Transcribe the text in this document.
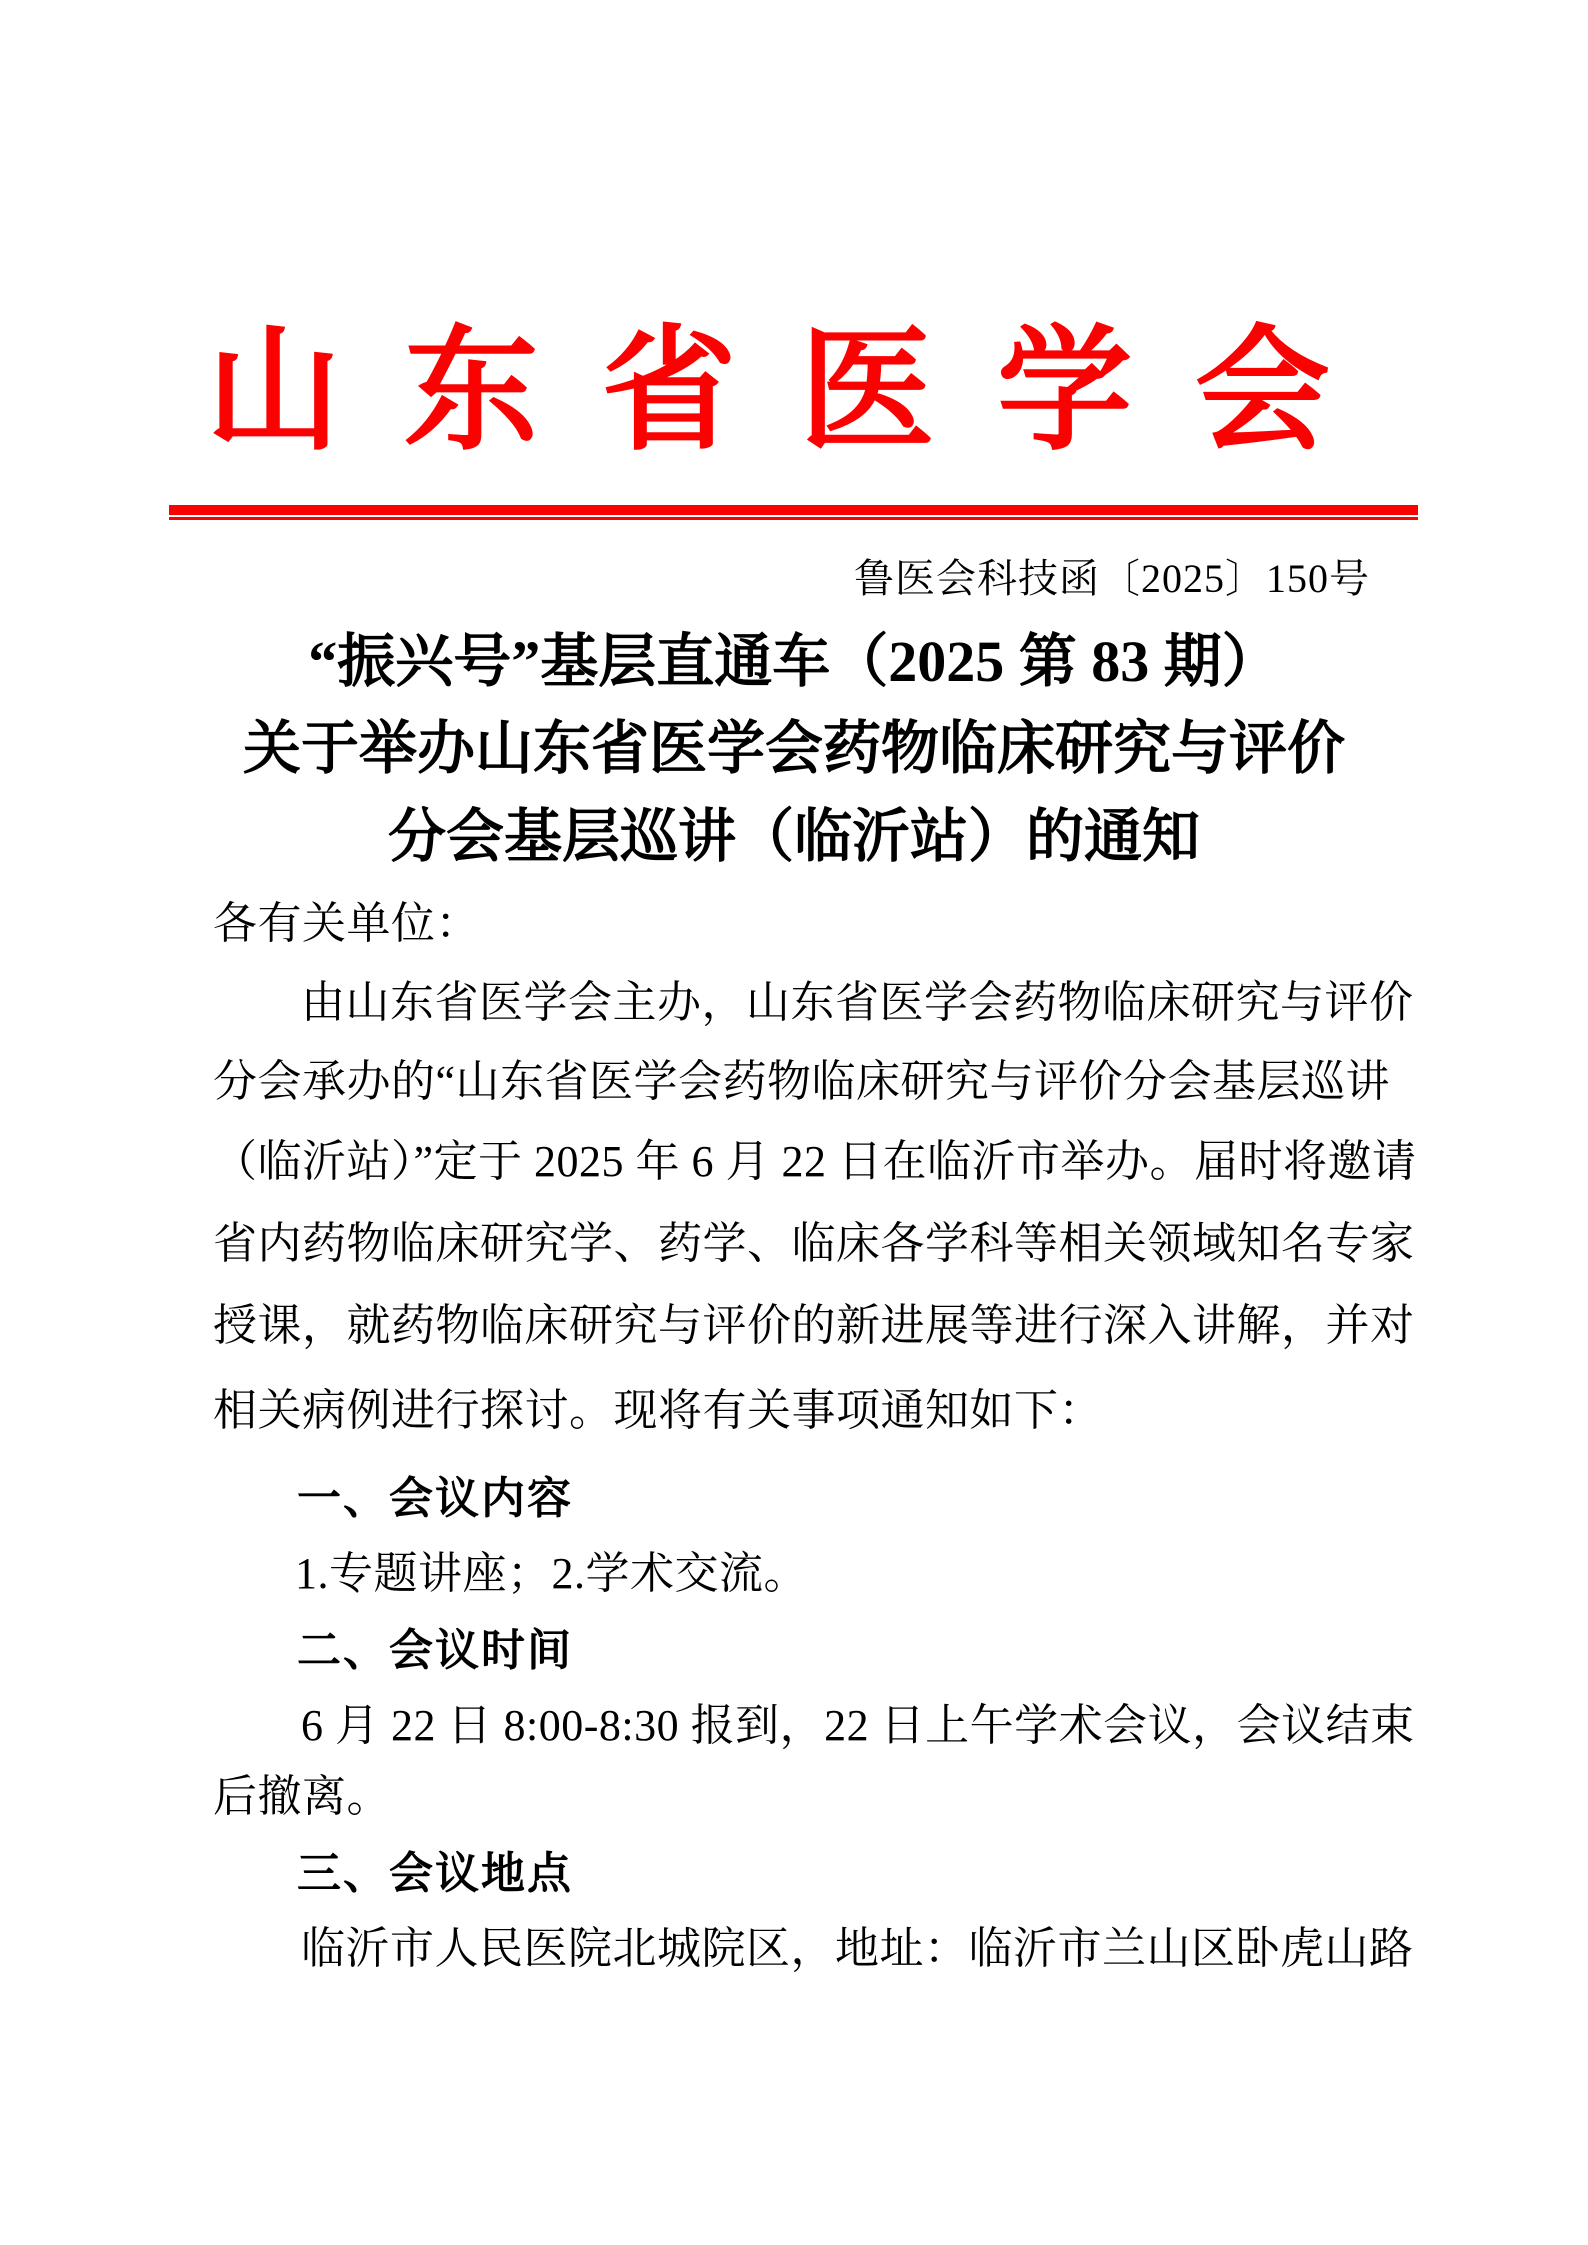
山 东 省 医 学 会
鲁医会科技函〔2025〕150号
“振兴号”基层直通车（2025 第 83 期）
关于举办山东省医学会药物临床研究与评价
分会基层巡讲（临沂站）的通知
各有关单位：
由山东省医学会主办，山东省医学会药物临床研究与评价
分会承办的“山东省医学会药物临床研究与评价分会基层巡讲
（临沂站）”定于 2025 年 6 月 22 日在临沂市举办。届时将邀请
省内药物临床研究学、药学、临床各学科等相关领域知名专家
授课，就药物临床研究与评价的新进展等进行深入讲解，并对
相关病例进行探讨。现将有关事项通知如下：
一、会议内容
1.专题讲座；2.学术交流。
二、会议时间
6 月 22 日 8:00-8:30 报到，22 日上午学术会议，会议结束
后撤离。
三、会议地点
临沂市人民医院北城院区，地址：临沂市兰山区卧虎山路
